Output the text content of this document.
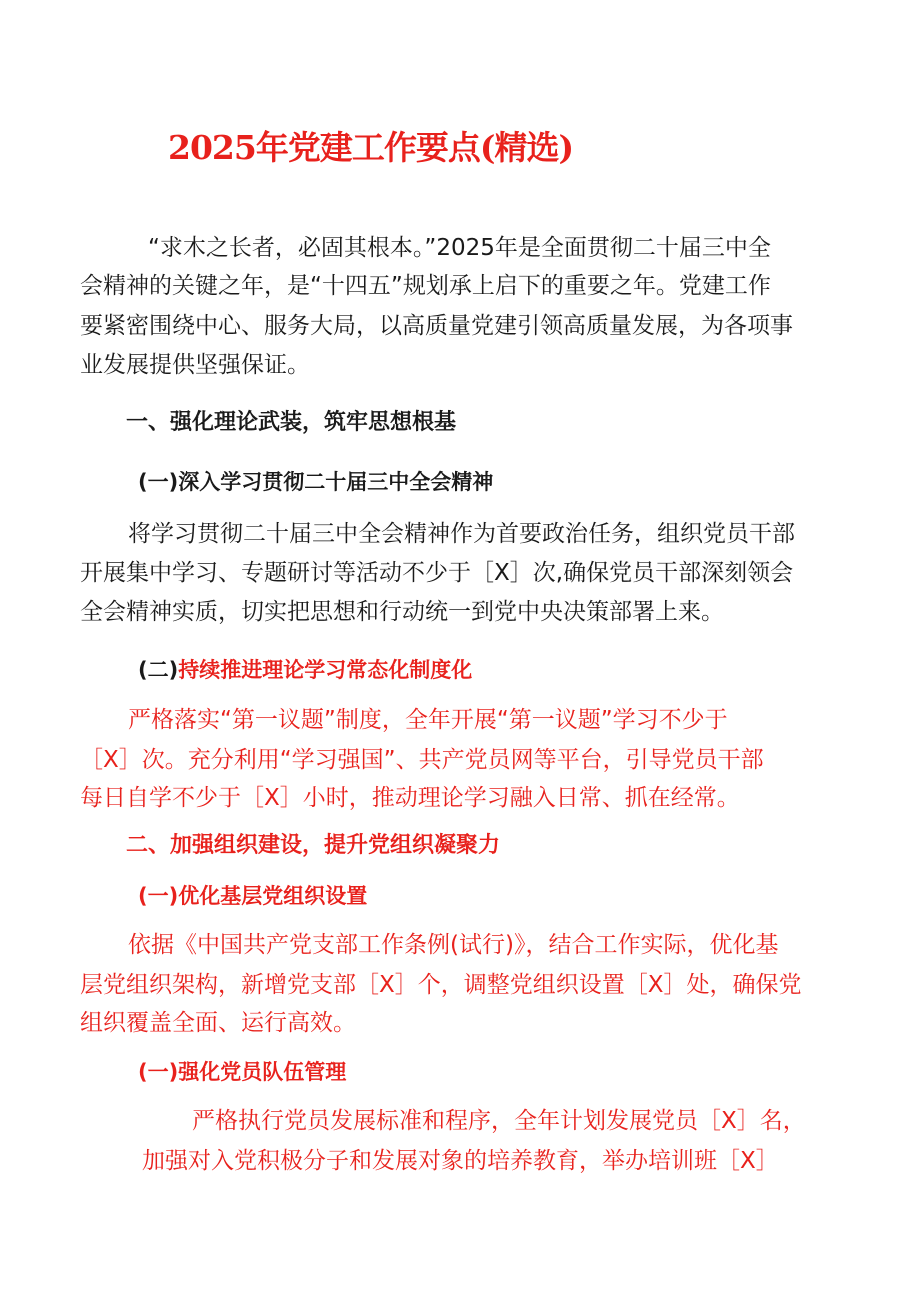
2025年党建工作要点(精选)
“求木之长者，必固其根本。”2025年是全面贯彻二十届三中全
会精神的关键之年，是“十四五”规划承上启下的重要之年。党建工作
要紧密围绕中心、服务大局，以高质量党建引领高质量发展，为各项事
业发展提供坚强保证。
一、强化理论武装，筑牢思想根基
(一)深入学习贯彻二十届三中全会精神
将学习贯彻二十届三中全会精神作为首要政治任务，组织党员干部
开展集中学习、专题研讨等活动不少于［X］次,确保党员干部深刻领会
全会精神实质，切实把思想和行动统一到党中央决策部署上来。
(二)持续推进理论学习常态化制度化
严格落实“第一议题”制度，全年开展“第一议题”学习不少于
［X］次。充分利用“学习强国”、共产党员网等平台，引导党员干部
每日自学不少于［X］小时，推动理论学习融入日常、抓在经常。
二、加强组织建设，提升党组织凝聚力
(一)优化基层党组织设置
依据《中国共产党支部工作条例(试行)》，结合工作实际，优化基
层党组织架构，新增党支部［X］个，调整党组织设置［X］处，确保党
组织覆盖全面、运行高效。
(一)强化党员队伍管理
严格执行党员发展标准和程序，全年计划发展党员［X］名，
加强对入党积极分子和发展对象的培养教育，举办培训班［X］
